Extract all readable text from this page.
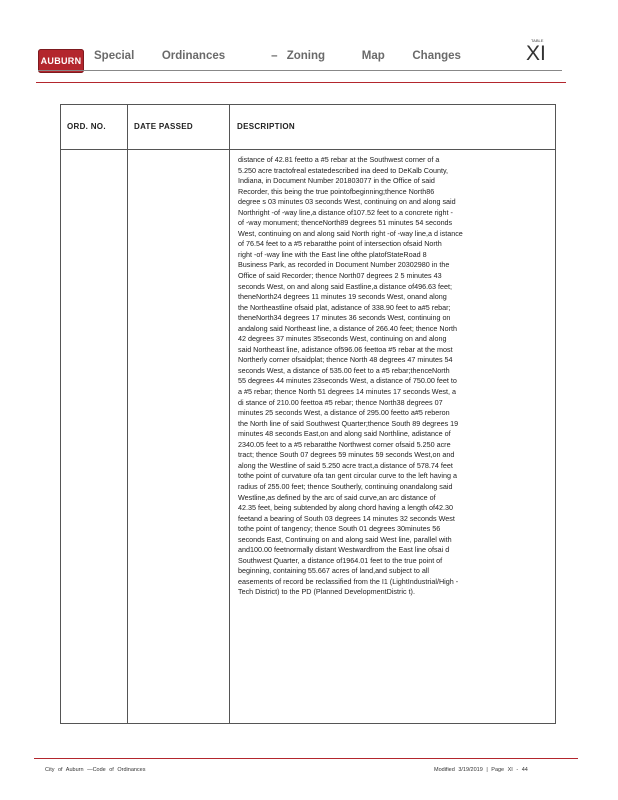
AUBURN Special   Ordinances     – Zoning    Map   Changes
TABLE
XI
ORD. NO.	DATE PASSED	DESCRIPTION
distance of 42.81 feetto a #5 rebar at the Southwest corner of a
5.250 acre tractofreal estatedescribed ina deed to DeKalb County,
Indiana, in Document Number 201803077 in the Office of said
Recorder, this being the true pointofbeginning;thence North86
degree s 03 minutes 03 seconds West, continuing on and along said
Northright -of -way line,a distance of107.52 feet to a concrete right -
of -way monument; thenceNorth89 degrees 51 minutes 54 seconds
West, continuing on and along said North right -of -way line,a d istance
of 76.54 feet to a #5 rebaratthe point of intersection ofsaid North
right -of -way line with the East line ofthe platofStateRoad 8
Business Park, as recorded in Document Number 20302980 in the
Office of said Recorder; thence North07 degrees 2 5 minutes 43
seconds West, on and along said Eastline,a distance of496.63 feet;
theneNorth24 degrees 11 minutes 19 seconds West, onand along
the Northeastline ofsaid plat, adistance of 338.90 feet to a#5 rebar;
theneNorth34 degrees 17 minutes 36 seconds West, continuing on
andalong said Northeast line, a distance of 266.40 feet; thence North
42 degrees 37 minutes 35seconds West, continuing on and along
said Northeast line, adistance of596.06 feettoa #5 rebar at the most
Northerly corner ofsaidplat; thence North 48 degrees 47 minutes 54
seconds West, a distance of 535.00 feet to a #5 rebar;thenceNorth
55 degrees 44 minutes 23seconds West, a distance of 750.00 feet to
a #5 rebar; thence North 51 degrees 14 minutes 17 seconds West, a
di stance of 210.00 feettoa #5 rebar; thence North38 degrees 07
minutes 25 seconds West, a distance of 295.00 feetto a#5 reberon
the North line of said Southwest Quarter;thence South 89 degrees 19
minutes 48 seconds East,on and along said Northline, adistance of
2340.05 feet to a #5 rebaratthe Northwest corner ofsaid 5.250 acre
tract; thence South 07 degrees 59 minutes 59 seconds West,on and
along the Westline of said 5.250 acre tract,a distance of 578.74 feet
tothe point of curvature ofa tan gent circular curve to the left having a
radius of 255.00 feet; thence Southerly, continuing onandalong said
Westline,as defined by the arc of said curve,an arc distance of
42.35 feet, being subtended by along chord having a length of42.30
feetand a bearing of South 03 degrees 14 minutes 32 seconds West
tothe point of tangency; thence South 01 degrees 30minutes 56
seconds East, Continuing on and along said West line, parallel with
and100.00 feetnormally distant Westwardfrom the East line ofsai d
Southwest Quarter, a distance of1964.01 feet to the true point of
beginning, containing 55.667 acres of land,and subject to all
easements of record be reclassified from the I1 (LightIndustrial/High -
Tech District) to the PD (Planned DevelopmentDistric t).
City of Auburn —Code of Ordinances	Modified 3/19/2019 | Page XI - 44
